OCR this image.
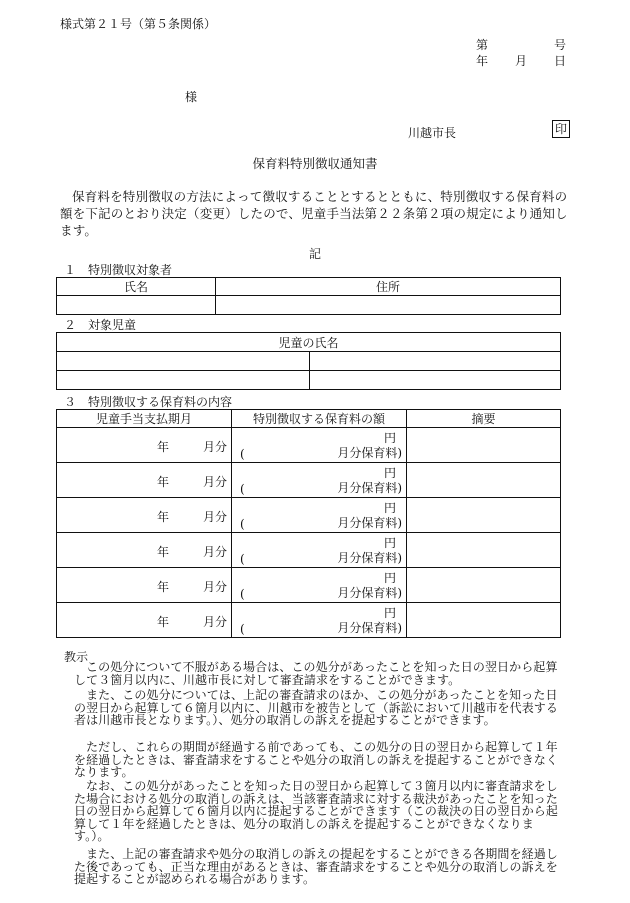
様式第２１号（第５条関係）
第	号
年 月 日
様
川越市長	印
保育料特別徴収通知書
保育料を特別徴収の方法によって徴収することとするとともに、特別徴収する保育料の額を下記のとおり決定（変更）したので、児童手当法第２２条第２項の規定により通知します。
記
１　特別徴収対象者
氏名	住所

２　対象児童
児童の氏名	

３　特別徴収する保育料の内容
児童手当支払期月	特別徴収する保育料の額	摘要

年 月分	円
( 月分保育料)	

年 月分	円
( 月分保育料)	

年 月分	円
( 月分保育料)	

年 月分	円
( 月分保育料)	

年 月分	円
( 月分保育料)	

年 月分	円
( 月分保育料)	

教示
この処分について不服がある場合は、この処分があったことを知った日の翌日から起算して３箇月以内に、川越市長に対して審査請求をすることができます。
また、この処分については、上記の審査請求のほか、この処分があったことを知った日の翌日から起算して６箇月以内に、川越市を被告として（訴訟において川越市を代表する者は川越市長となります。）、処分の取消しの訴えを提起することができます。
ただし、これらの期間が経過する前であっても、この処分の日の翌日から起算して１年を経過したときは、審査請求をすることや処分の取消しの訴えを提起することができなくなります。
なお、この処分があったことを知った日の翌日から起算して３箇月以内に審査請求をした場合における処分の取消しの訴えは、当該審査請求に対する裁決があったことを知った日の翌日から起算して６箇月以内に提起することができます（この裁決の日の翌日から起算して１年を経過したときは、処分の取消しの訴えを提起することができなくなります。）。
また、上記の審査請求や処分の取消しの訴えの提起をすることができる各期間を経過した後であっても、正当な理由があるときは、審査請求をすることや処分の取消しの訴えを提起することが認められる場合があります。
